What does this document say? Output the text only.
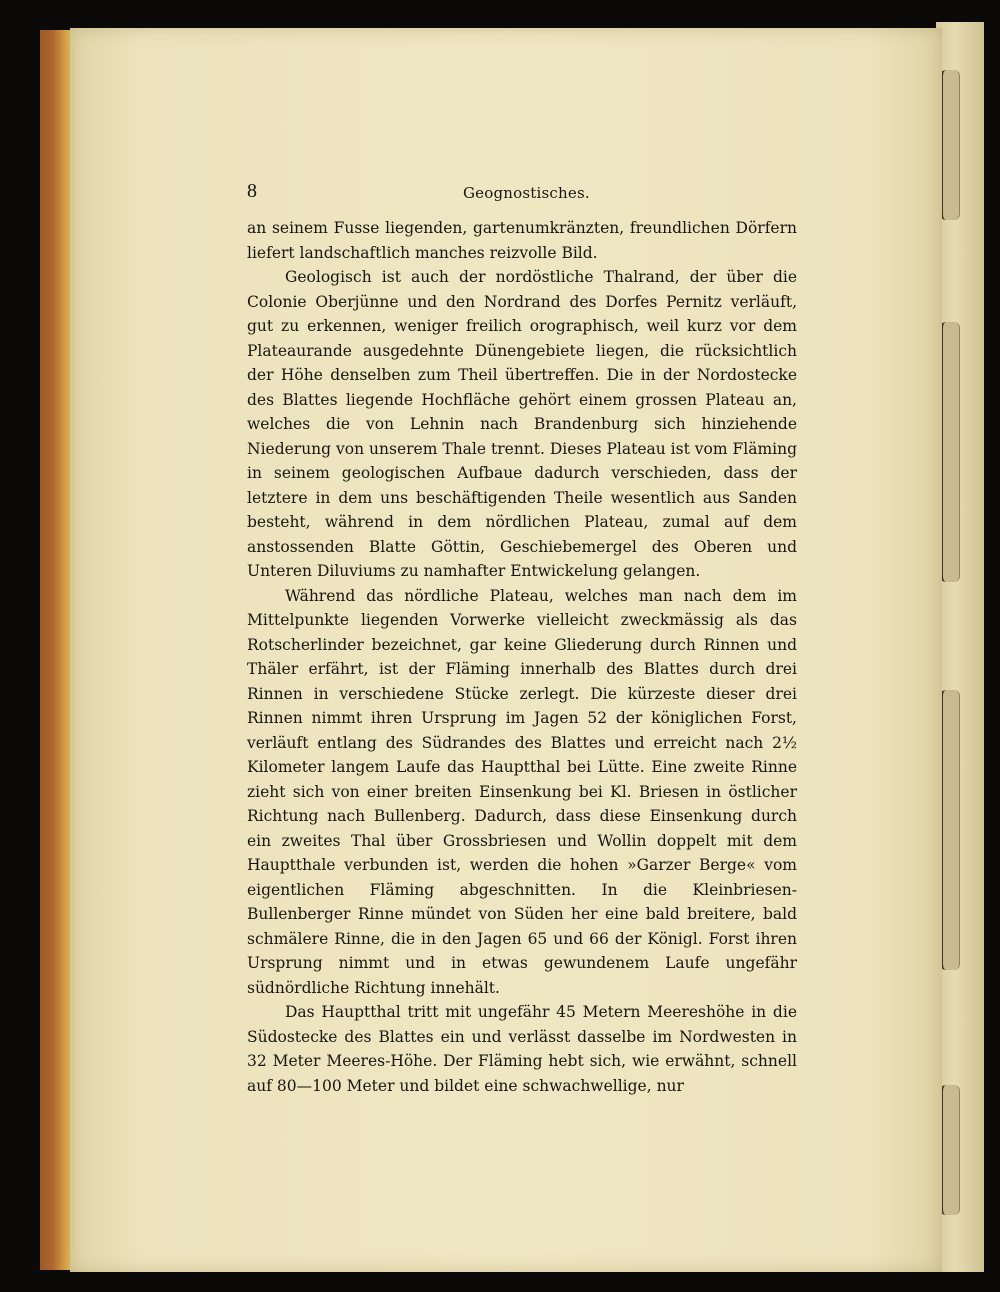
8	Geognostisches.

an seinem Fusse liegenden, gartenumkränzten, freundlichen Dörfern liefert landschaftlich manches reizvolle Bild.

Geologisch ist auch der nordöstliche Thalrand, der über die Colonie Oberjünne und den Nordrand des Dorfes Pernitz verläuft, gut zu erkennen, weniger freilich orographisch, weil kurz vor dem Plateaurande ausgedehnte Dünengebiete liegen, die rücksichtlich der Höhe denselben zum Theil übertreffen. Die in der Nordostecke des Blattes liegende Hochfläche gehört einem grossen Plateau an, welches die von Lehnin nach Brandenburg sich hinziehende Niederung von unserem Thale trennt. Dieses Plateau ist vom Fläming in seinem geologischen Aufbaue dadurch verschieden, dass der letztere in dem uns beschäftigenden Theile wesentlich aus Sanden besteht, während in dem nördlichen Plateau, zumal auf dem anstossenden Blatte Göttin, Geschiebemergel des Oberen und Unteren Diluviums zu namhafter Entwickelung gelangen.

Während das nördliche Plateau, welches man nach dem im Mittelpunkte liegenden Vorwerke vielleicht zweckmässig als das Rotscherlinder bezeichnet, gar keine Gliederung durch Rinnen und Thäler erfährt, ist der Fläming innerhalb des Blattes durch drei Rinnen in verschiedene Stücke zerlegt. Die kürzeste dieser drei Rinnen nimmt ihren Ursprung im Jagen 52 der königlichen Forst, verläuft entlang des Südrandes des Blattes und erreicht nach 2½ Kilometer langem Laufe das Hauptthal bei Lütte. Eine zweite Rinne zieht sich von einer breiten Einsenkung bei Kl. Briesen in östlicher Richtung nach Bullenberg. Dadurch, dass diese Einsenkung durch ein zweites Thal über Grossbriesen und Wollin doppelt mit dem Hauptthale verbunden ist, werden die hohen »Garzer Berge« vom eigentlichen Fläming abgeschnitten. In die Kleinbriesen-Bullenberger Rinne mündet von Süden her eine bald breitere, bald schmälere Rinne, die in den Jagen 65 und 66 der Königl. Forst ihren Ursprung nimmt und in etwas gewundenem Laufe ungefähr südnördliche Richtung innehält.

Das Hauptthal tritt mit ungefähr 45 Metern Meereshöhe in die Südostecke des Blattes ein und verlässt dasselbe im Nordwesten in 32 Meter Meeres-Höhe. Der Fläming hebt sich, wie erwähnt, schnell auf 80—100 Meter und bildet eine schwachwellige, nur
